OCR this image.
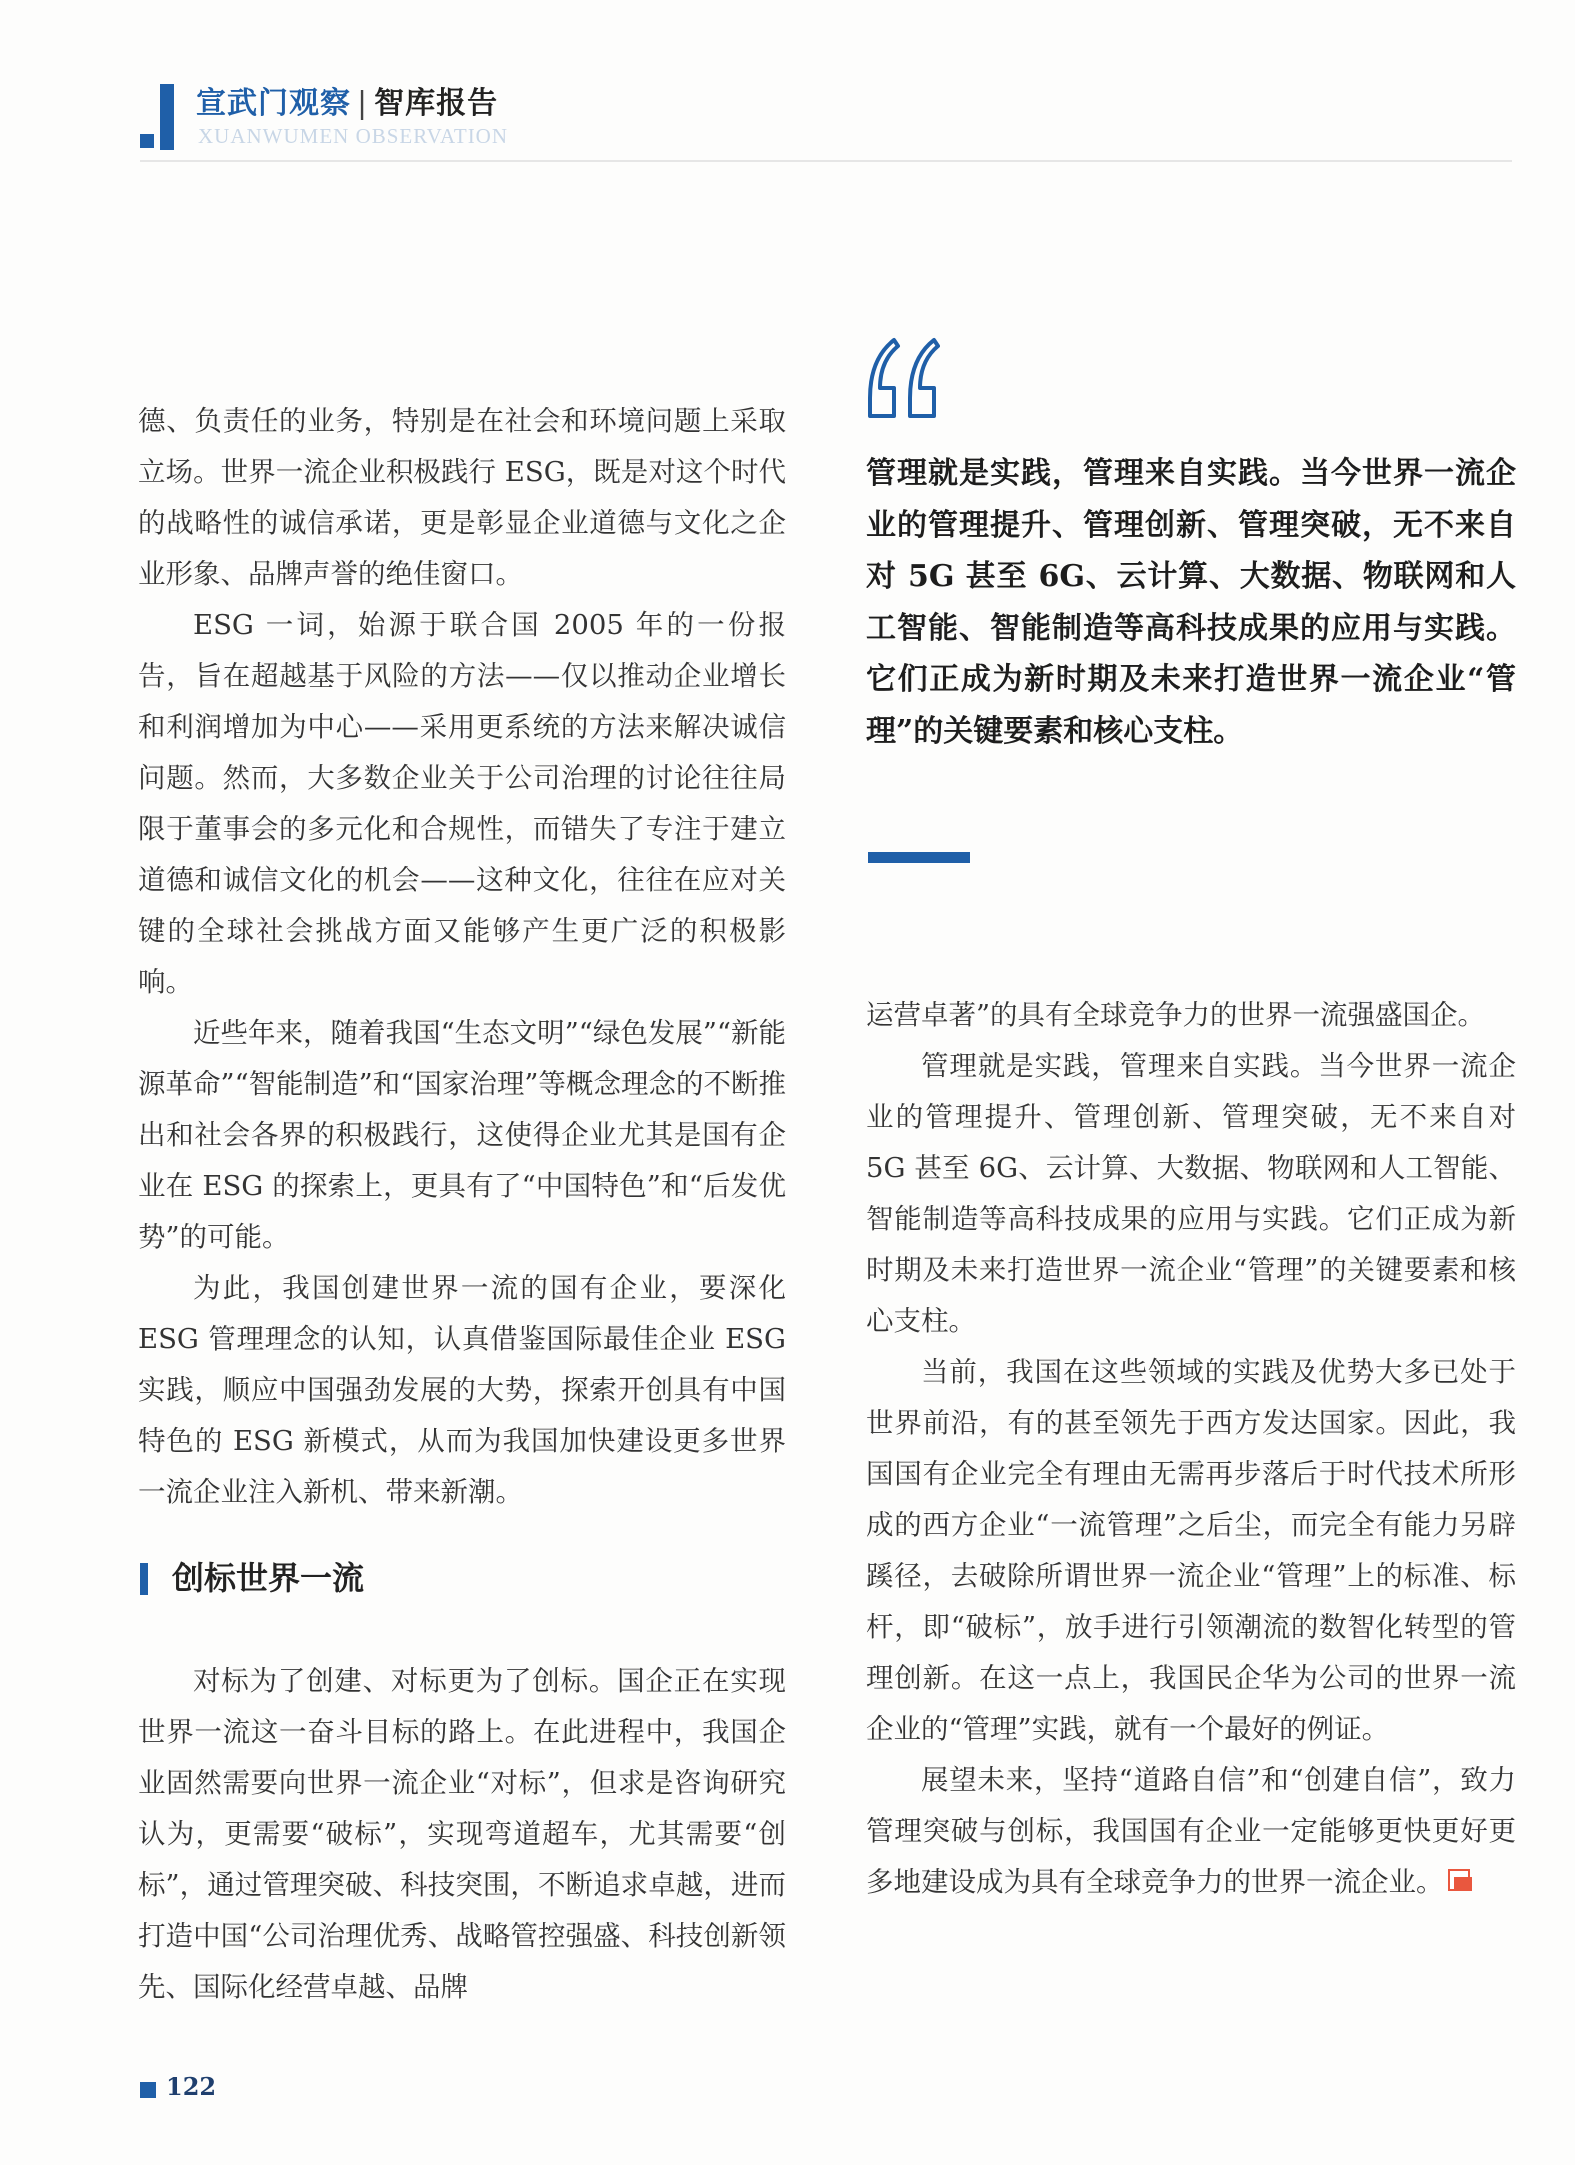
宣武门观察 | 智库报告
XUANWUMEN OBSERVATION

德、负责任的业务，特别是在社会和环境问题上采取立场。世界一流企业积极践行 ESG，既是对这个时代的战略性的诚信承诺，更是彰显企业道德与文化之企业形象、品牌声誉的绝佳窗口。

ESG 一词，始源于联合国 2005 年的一份报告，旨在超越基于风险的方法——仅以推动企业增长和利润增加为中心——采用更系统的方法来解决诚信问题。然而，大多数企业关于公司治理的讨论往往局限于董事会的多元化和合规性，而错失了专注于建立道德和诚信文化的机会——这种文化，往往在应对关键的全球社会挑战方面又能够产生更广泛的积极影响。

近些年来，随着我国“生态文明”“绿色发展”“新能源革命”“智能制造”和“国家治理”等概念理念的不断推出和社会各界的积极践行，这使得企业尤其是国有企业在 ESG 的探索上，更具有了“中国特色”和“后发优势”的可能。

为此，我国创建世界一流的国有企业，要深化 ESG 管理理念的认知，认真借鉴国际最佳企业 ESG 实践，顺应中国强劲发展的大势，探索开创具有中国特色的 ESG 新模式，从而为我国加快建设更多世界一流企业注入新机、带来新潮。

创标世界一流

对标为了创建、对标更为了创标。国企正在实现世界一流这一奋斗目标的路上。在此进程中，我国企业固然需要向世界一流企业“对标”，但求是咨询研究认为，更需要“破标”，实现弯道超车，尤其需要“创标”，通过管理突破、科技突围，不断追求卓越，进而打造中国“公司治理优秀、战略管控强盛、科技创新领先、国际化经营卓越、品牌

管理就是实践，管理来自实践。当今世界一流企业的管理提升、管理创新、管理突破，无不来自对 5G 甚至 6G、云计算、大数据、物联网和人工智能、智能制造等高科技成果的应用与实践。它们正成为新时期及未来打造世界一流企业“管理”的关键要素和核心支柱。

运营卓著”的具有全球竞争力的世界一流强盛国企。

管理就是实践，管理来自实践。当今世界一流企业的管理提升、管理创新、管理突破，无不来自对 5G 甚至 6G、云计算、大数据、物联网和人工智能、智能制造等高科技成果的应用与实践。它们正成为新时期及未来打造世界一流企业“管理”的关键要素和核心支柱。

当前，我国在这些领域的实践及优势大多已处于世界前沿，有的甚至领先于西方发达国家。因此，我国国有企业完全有理由无需再步落后于时代技术所形成的西方企业“一流管理”之后尘，而完全有能力另辟蹊径，去破除所谓世界一流企业“管理”上的标准、标杆，即“破标”，放手进行引领潮流的数智化转型的管理创新。在这一点上，我国民企华为公司的世界一流企业的“管理”实践，就有一个最好的例证。

展望未来，坚持“道路自信”和“创建自信”，致力管理突破与创标，我国国有企业一定能够更快更好更多地建设成为具有全球竞争力的世界一流企业。

122
